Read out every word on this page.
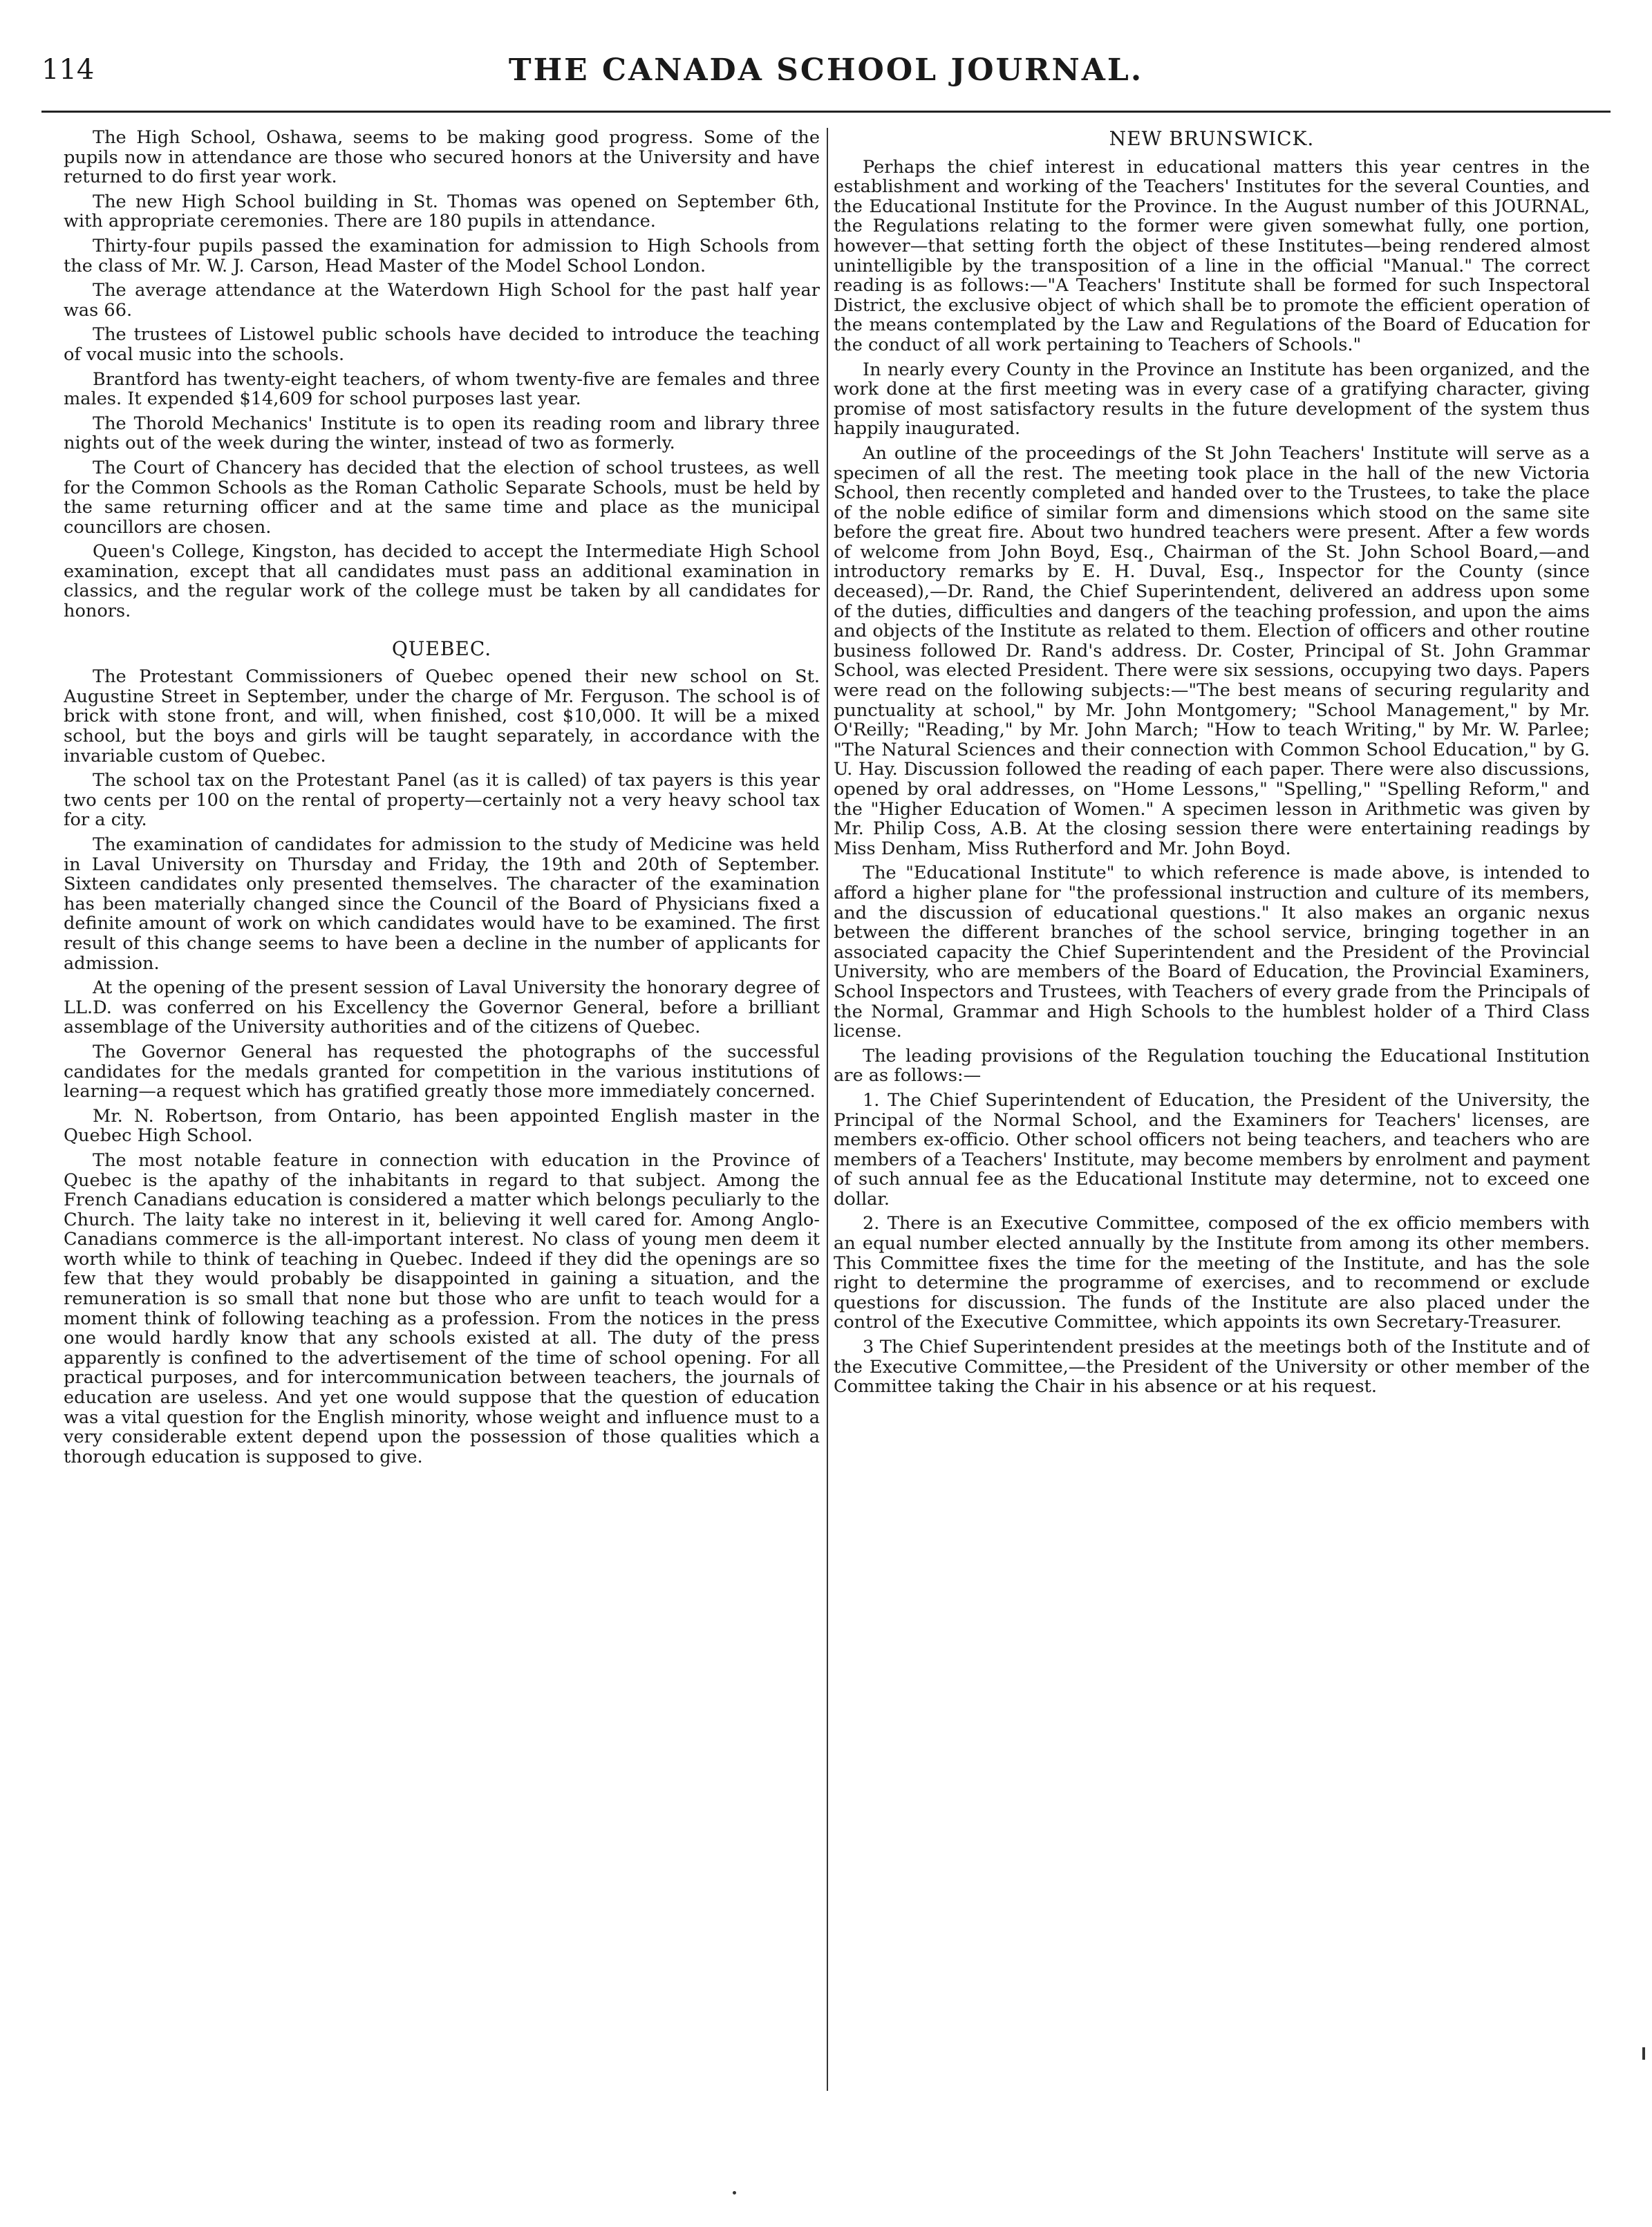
114	THE CANADA SCHOOL JOURNAL.

The High School, Oshawa, seems to be making good progress. Some of the pupils now in attendance are those who secured honors at the University and have returned to do first year work.

The new High School building in St. Thomas was opened on September 6th, with appropriate ceremonies. There are 180 pupils in attendance.

Thirty-four pupils passed the examination for admission to High Schools from the class of Mr. W. J. Carson, Head Master of the Model School London.

The average attendance at the Waterdown High School for the past half year was 66.

The trustees of Listowel public schools have decided to introduce the teaching of vocal music into the schools.

Brantford has twenty-eight teachers, of whom twenty-five are females and three males. It expended $14,609 for school purposes last year.

The Thorold Mechanics' Institute is to open its reading room and library three nights out of the week during the winter, instead of two as formerly.

The Court of Chancery has decided that the election of school trustees, as well for the Common Schools as the Roman Catholic Separate Schools, must be held by the same returning officer and at the same time and place as the municipal councillors are chosen.

Queen's College, Kingston, has decided to accept the Intermediate High School examination, except that all candidates must pass an additional examination in classics, and the regular work of the college must be taken by all candidates for honors.

QUEBEC.

The Protestant Commissioners of Quebec opened their new school on St. Augustine Street in September, under the charge of Mr. Ferguson. The school is of brick with stone front, and will, when finished, cost $10,000. It will be a mixed school, but the boys and girls will be taught separately, in accordance with the invariable custom of Quebec.

The school tax on the Protestant Panel (as it is called) of tax payers is this year two cents per 100 on the rental of property—certainly not a very heavy school tax for a city.

The examination of candidates for admission to the study of Medicine was held in Laval University on Thursday and Friday, the 19th and 20th of September. Sixteen candidates only presented themselves. The character of the examination has been materially changed since the Council of the Board of Physicians fixed a definite amount of work on which candidates would have to be examined. The first result of this change seems to have been a decline in the number of applicants for admission.

At the opening of the present session of Laval University the honorary degree of LL.D. was conferred on his Excellency the Governor General, before a brilliant assemblage of the University authorities and of the citizens of Quebec.

The Governor General has requested the photographs of the successful candidates for the medals granted for competition in the various institutions of learning—a request which has gratified greatly those more immediately concerned.

Mr. N. Robertson, from Ontario, has been appointed English master in the Quebec High School.

The most notable feature in connection with education in the Province of Quebec is the apathy of the inhabitants in regard to that subject. Among the French Canadians education is considered a matter which belongs peculiarly to the Church. The laity take no interest in it, believing it well cared for. Among Anglo-Canadians commerce is the all-important interest. No class of young men deem it worth while to think of teaching in Quebec. Indeed if they did the openings are so few that they would probably be disappointed in gaining a situation, and the remuneration is so small that none but those who are unfit to teach would for a moment think of following teaching as a profession. From the notices in the press one would hardly know that any schools existed at all. The duty of the press apparently is confined to the advertisement of the time of school opening. For all practical purposes, and for intercommunication between teachers, the journals of education are useless. And yet one would suppose that the question of education was a vital question for the English minority, whose weight and influence must to a very considerable extent depend upon the possession of those qualities which a thorough education is supposed to give.

NEW BRUNSWICK.

Perhaps the chief interest in educational matters this year centres in the establishment and working of the Teachers' Institutes for the several Counties, and the Educational Institute for the Province. In the August number of this JOURNAL, the Regulations relating to the former were given somewhat fully, one portion, however—that setting forth the object of these Institutes—being rendered almost unintelligible by the transposition of a line in the official "Manual." The correct reading is as follows:—"A Teachers' Institute shall be formed for such Inspectoral District, the exclusive object of which shall be to promote the efficient operation of the means contemplated by the Law and Regulations of the Board of Education for the conduct of all work pertaining to Teachers of Schools."

In nearly every County in the Province an Institute has been organized, and the work done at the first meeting was in every case of a gratifying character, giving promise of most satisfactory results in the future development of the system thus happily inaugurated.

An outline of the proceedings of the St John Teachers' Institute will serve as a specimen of all the rest. The meeting took place in the hall of the new Victoria School, then recently completed and handed over to the Trustees, to take the place of the noble edifice of similar form and dimensions which stood on the same site before the great fire. About two hundred teachers were present. After a few words of welcome from John Boyd, Esq., Chairman of the St. John School Board,—and introductory remarks by E. H. Duval, Esq., Inspector for the County (since deceased),—Dr. Rand, the Chief Superintendent, delivered an address upon some of the duties, difficulties and dangers of the teaching profession, and upon the aims and objects of the Institute as related to them. Election of officers and other routine business followed Dr. Rand's address. Dr. Coster, Principal of St. John Grammar School, was elected President. There were six sessions, occupying two days. Papers were read on the following subjects:—"The best means of securing regularity and punctuality at school," by Mr. John Montgomery; "School Management," by Mr. O'Reilly; "Reading," by Mr. John March; "How to teach Writing," by Mr. W. Parlee; "The Natural Sciences and their connection with Common School Education," by G. U. Hay. Discussion followed the reading of each paper. There were also discussions, opened by oral addresses, on "Home Lessons," "Spelling," "Spelling Reform," and the "Higher Education of Women." A specimen lesson in Arithmetic was given by Mr. Philip Coss, A.B. At the closing session there were entertaining readings by Miss Denham, Miss Rutherford and Mr. John Boyd.

The "Educational Institute" to which reference is made above, is intended to afford a higher plane for "the professional instruction and culture of its members, and the discussion of educational questions." It also makes an organic nexus between the different branches of the school service, bringing together in an associated capacity the Chief Superintendent and the President of the Provincial University, who are members of the Board of Education, the Provincial Examiners, School Inspectors and Trustees, with Teachers of every grade from the Principals of the Normal, Grammar and High Schools to the humblest holder of a Third Class license.

The leading provisions of the Regulation touching the Educational Institution are as follows:—

1. The Chief Superintendent of Education, the President of the University, the Principal of the Normal School, and the Examiners for Teachers' licenses, are members ex-officio. Other school officers not being teachers, and teachers who are members of a Teachers' Institute, may become members by enrolment and payment of such annual fee as the Educational Institute may determine, not to exceed one dollar.

2. There is an Executive Committee, composed of the ex officio members with an equal number elected annually by the Institute from among its other members. This Committee fixes the time for the meeting of the Institute, and has the sole right to determine the programme of exercises, and to recommend or exclude questions for discussion. The funds of the Institute are also placed under the control of the Executive Committee, which appoints its own Secretary-Treasurer.

3 The Chief Superintendent presides at the meetings both of the Institute and of the Executive Committee,—the President of the University or other member of the Committee taking the Chair in his absence or at his request.
